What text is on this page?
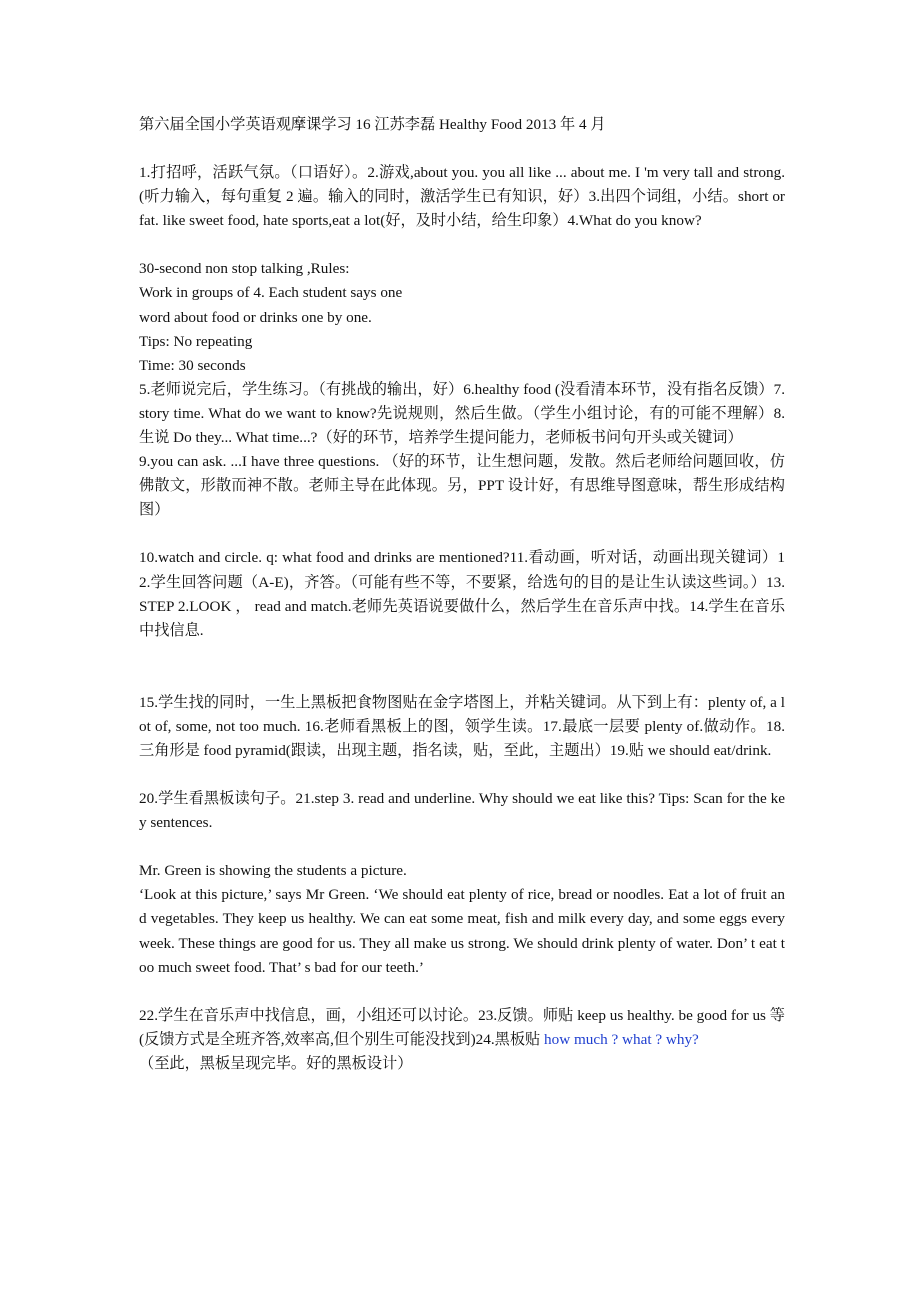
第六届全国小学英语观摩课学习 16 江苏李磊 Healthy Food 2013 年 4 月

1.打招呼，活跃气氛。（口语好）。2.游戏,about you. you all like ... about me. I 'm very tall and strong. (听力输入，每句重复 2 遍。输入的同时，激活学生已有知识，好）3.出四个词组，小结。short or fat. like sweet food, hate sports,eat a lot(好，及时小结，给生印象）4.What do you know?

30-second non stop talking ,Rules:

Work in groups of 4. Each student says one

word about food or drinks one by one.

Tips: No repeating

Time: 30 seconds

5.老师说完后，学生练习。（有挑战的输出，好）6.healthy food (没看清本环节，没有指名反馈）7.story time. What do we want to know?先说规则，然后生做。（学生小组讨论，有的可能不理解）8.生说 Do they... What time...?（好的环节，培养学生提问能力，老师板书问句开头或关键词）

9.you can ask. ...I have three questions. （好的环节，让生想问题，发散。然后老师给问题回收，仿佛散文，形散而神不散。老师主导在此体现。另，PPT 设计好，有思维导图意味，帮生形成结构图）

10.watch and circle. q: what food and drinks are mentioned?11.看动画，听对话，动画出现关键词）12.学生回答问题（A-E)，齐答。（可能有些不等，不要紧，给选句的目的是让生认读这些词。）13. STEP 2.LOOK ， read and match.老师先英语说要做什么，然后学生在音乐声中找。14.学生在音乐中找信息.

15.学生找的同时，一生上黑板把食物图贴在金字塔图上，并粘关键词。从下到上有：plenty of, a lot of, some, not too much. 16.老师看黑板上的图，领学生读。17.最底一层要 plenty of.做动作。18.三角形是 food pyramid(跟读，出现主题，指名读，贴，至此，主题出）19.贴 we should eat/drink.

20.学生看黑板读句子。21.step 3. read and underline. Why should we eat like this? Tips: Scan for the key sentences.

Mr. Green is showing the students a picture.

‘Look at this picture,’ says Mr Green. ‘We should eat plenty of rice, bread or noodles. Eat a lot of fruit and vegetables. They keep us healthy. We can eat some meat, fish and milk every day, and some eggs every week. These things are good for us. They all make us strong. We should drink plenty of water. Don’ t eat too much sweet food. That’ s bad for our teeth.’

22.学生在音乐声中找信息，画，小组还可以讨论。23.反馈。师贴 keep us healthy. be good for us 等(反馈方式是全班齐答,效率高,但个别生可能没找到)24.黑板贴 how much ? what ? why?
（至此，黑板呈现完毕。好的黑板设计）
